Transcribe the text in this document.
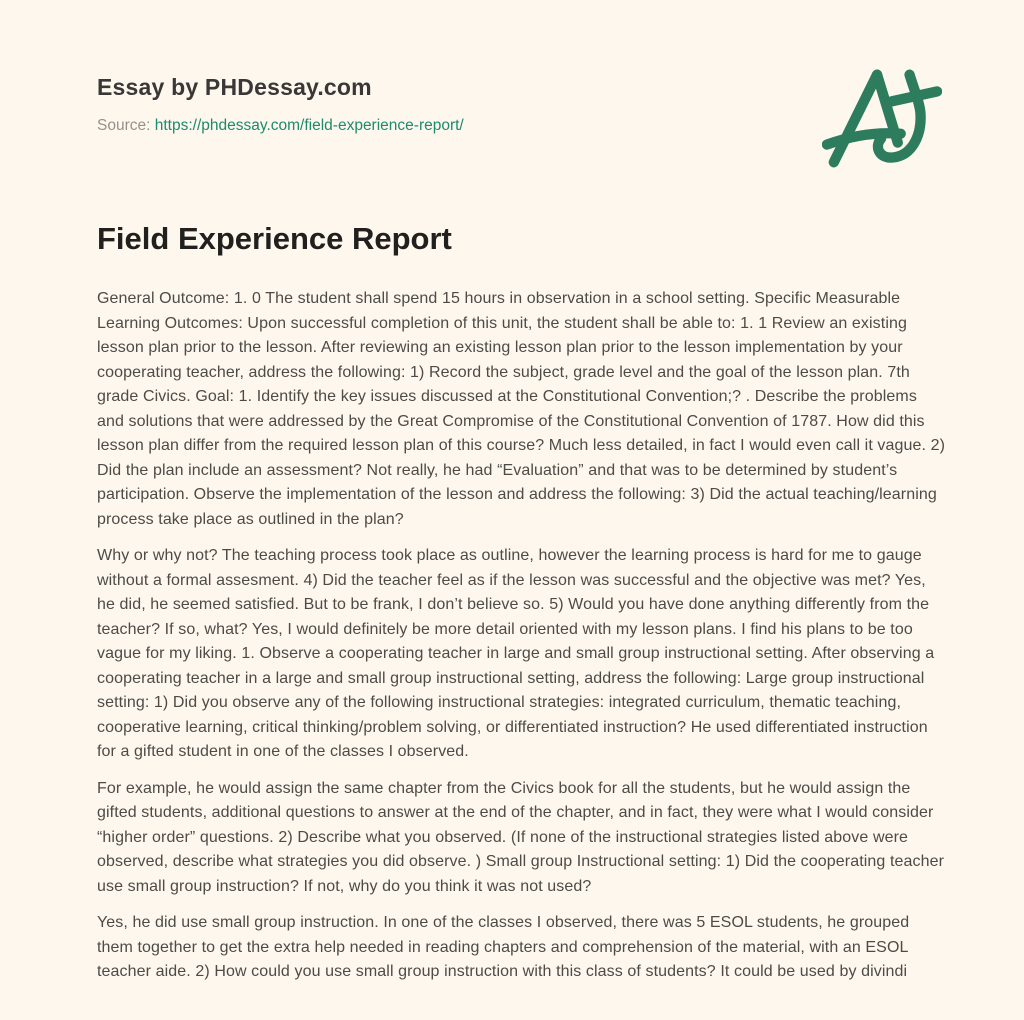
Essay by PHDessay.com
Source: https://phdessay.com/field-experience-report/
Field Experience Report

General Outcome: 1. 0 The student shall spend 15 hours in observation in a school setting. Specific Measurable Learning Outcomes: Upon successful completion of this unit, the student shall be able to: 1. 1 Review an existing lesson plan prior to the lesson. After reviewing an existing lesson plan prior to the lesson implementation by your cooperating teacher, address the following: 1) Record the subject, grade level and the goal of the lesson plan. 7th grade Civics. Goal: 1. Identify the key issues discussed at the Constitutional Convention;? . Describe the problems and solutions that were addressed by the Great Compromise of the Constitutional Convention of 1787. How did this lesson plan differ from the required lesson plan of this course? Much less detailed, in fact I would even call it vague. 2) Did the plan include an assessment? Not really, he had “Evaluation” and that was to be determined by student’s participation. Observe the implementation of the lesson and address the following: 3) Did the actual teaching/learning process take place as outlined in the plan?

Why or why not? The teaching process took place as outline, however the learning process is hard for me to gauge without a formal assesment. 4) Did the teacher feel as if the lesson was successful and the objective was met? Yes, he did, he seemed satisfied. But to be frank, I don’t believe so. 5) Would you have done anything differently from the teacher? If so, what? Yes, I would definitely be more detail oriented with my lesson plans. I find his plans to be too vague for my liking. 1. Observe a cooperating teacher in large and small group instructional setting. After observing a cooperating teacher in a large and small group instructional setting, address the following: Large group instructional setting: 1) Did you observe any of the following instructional strategies: integrated curriculum, thematic teaching, cooperative learning, critical thinking/problem solving, or differentiated instruction? He used differentiated instruction for a gifted student in one of the classes I observed.

For example, he would assign the same chapter from the Civics book for all the students, but he would assign the gifted students, additional questions to answer at the end of the chapter, and in fact, they were what I would consider “higher order” questions. 2) Describe what you observed. (If none of the instructional strategies listed above were observed, describe what strategies you did observe. ) Small group Instructional setting: 1) Did the cooperating teacher use small group instruction? If not, why do you think it was not used?

Yes, he did use small group instruction. In one of the classes I observed, there was 5 ESOL students, he grouped them together to get the extra help needed in reading chapters and comprehension of the material, with an ESOL teacher aide. 2) How could you use small group instruction with this class of students? It could be used by divindi
